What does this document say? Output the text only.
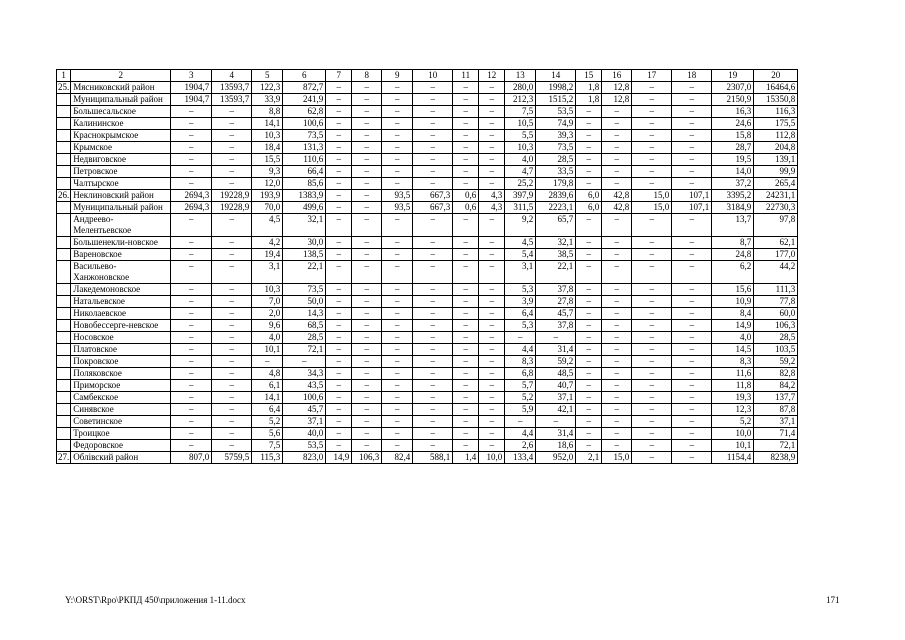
1	2	3	4	5	6	7	8	9	10	11	12	13	14	15	16	17	18	19	20
25.	Мясниковский район	1904,7	13593,7	122,3	872,7	–	–	–	–	–	–	280,0	1998,2	1,8	12,8	–	–	2307,0	16464,6
	Муниципальный район	1904,7	13593,7	33,9	241,9	–	–	–	–	–	–	212,3	1515,2	1,8	12,8	–	–	2150,9	15350,8
	Большесальское	–	–	8,8	62,8	–	–	–	–	–	–	7,5	53,5	–	–	–	–	16,3	116,3
	Калининское	–	–	14,1	100,6	–	–	–	–	–	–	10,5	74,9	–	–	–	–	24,6	175,5
	Краснокрымское	–	–	10,3	73,5	–	–	–	–	–	–	5,5	39,3	–	–	–	–	15,8	112,8
	Крымское	–	–	18,4	131,3	–	–	–	–	–	–	10,3	73,5	–	–	–	–	28,7	204,8
	Недвиговское	–	–	15,5	110,6	–	–	–	–	–	–	4,0	28,5	–	–	–	–	19,5	139,1
	Петровское	–	–	9,3	66,4	–	–	–	–	–	–	4,7	33,5	–	–	–	–	14,0	99,9
	Чалтырское	–	–	12,0	85,6	–	–	–	–	–	–	25,2	179,8	–	–	–	–	37,2	265,4
26.	Неклиновский район	2694,3	19228,9	193,9	1383,9	–	–	93,5	667,3	0,6	4,3	397,9	2839,6	6,0	42,8	15,0	107,1	3395,2	24231,1
	Муниципальный район	2694,3	19228,9	70,0	499,6	–	–	93,5	667,3	0,6	4,3	311,5	2223,1	6,0	42,8	15,0	107,1	3184,9	22730,3
	Андреево-Мелентьевское	–	–	4,5	32,1	–	–	–	–	–	–	9,2	65,7	–	–	–	–	13,7	97,8
	Большенекли-новское	–	–	4,2	30,0	–	–	–	–	–	–	4,5	32,1	–	–	–	–	8,7	62,1
	Вареновское	–	–	19,4	138,5	–	–	–	–	–	–	5,4	38,5	–	–	–	–	24,8	177,0
	Васильево-Ханжоновское	–	–	3,1	22,1	–	–	–	–	–	–	3,1	22,1	–	–	–	–	6,2	44,2
	Лакедемоновское	–	–	10,3	73,5	–	–	–	–	–	–	5,3	37,8	–	–	–	–	15,6	111,3
	Натальевское	–	–	7,0	50,0	–	–	–	–	–	–	3,9	27,8	–	–	–	–	10,9	77,8
	Николаевское	–	–	2,0	14,3	–	–	–	–	–	–	6,4	45,7	–	–	–	–	8,4	60,0
	Новобессерге-невское	–	–	9,6	68,5	–	–	–	–	–	–	5,3	37,8	–	–	–	–	14,9	106,3
	Носовское	–	–	4,0	28,5	–	–	–	–	–	–	–	–	–	–	–	–	4,0	28,5
	Платовское	–	–	10,1	72,1	–	–	–	–	–	–	4,4	31,4	–	–	–	–	14,5	103,5
	Покровское	–	–	–	–	–	–	–	–	–	–	8,3	59,2	–	–	–	–	8,3	59,2
	Поляковское	–	–	4,8	34,3	–	–	–	–	–	–	6,8	48,5	–	–	–	–	11,6	82,8
	Приморское	–	–	6,1	43,5	–	–	–	–	–	–	5,7	40,7	–	–	–	–	11,8	84,2
	Самбекское	–	–	14,1	100,6	–	–	–	–	–	–	5,2	37,1	–	–	–	–	19,3	137,7
	Синявское	–	–	6,4	45,7	–	–	–	–	–	–	5,9	42,1	–	–	–	–	12,3	87,8
	Советинское	–	–	5,2	37,1	–	–	–	–	–	–	–	–	–	–	–	–	5,2	37,1
	Троицкое	–	–	5,6	40,0	–	–	–	–	–	–	4,4	31,4	–	–	–	–	10,0	71,4
	Федоровское	–	–	7,5	53,5	–	–	–	–	–	–	2,6	18,6	–	–	–	–	10,1	72,1
27.	Облівский район	807,0	5759,5	115,3	823,0	14,9	106,3	82,4	588,1	1,4	10,0	133,4	952,0	2,1	15,0	–	–	1154,4	8238,9
Y:\ORST\Rpo\РКПД 450\приложения 1-11.docx	171
